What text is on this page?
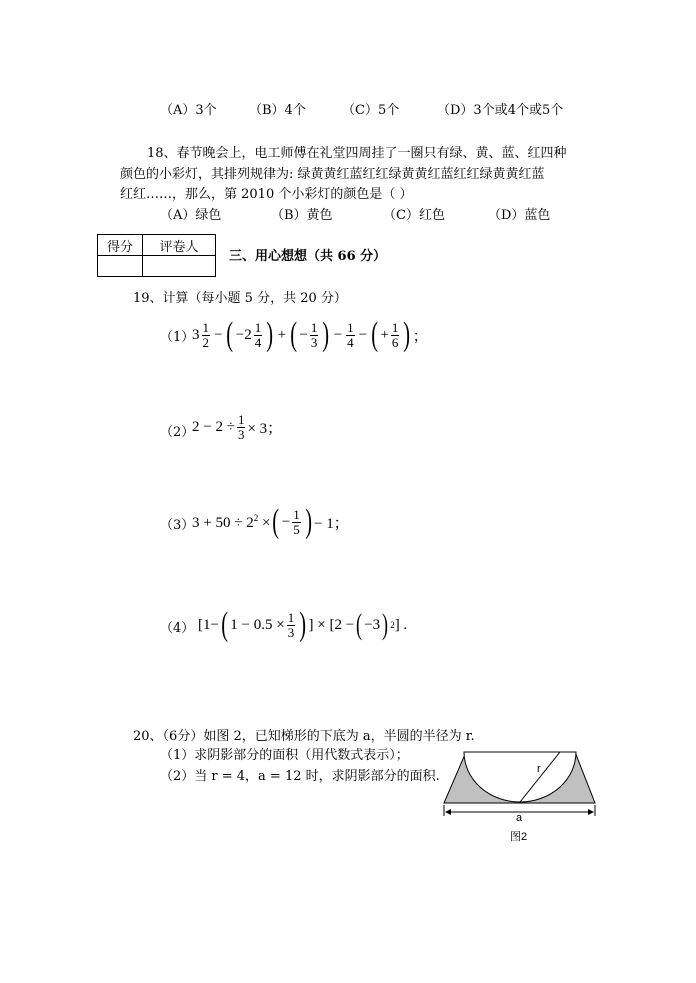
（A）3个 （B）4个	（C）5个	（D）3个或4个或5个
18、春节晚会上，电工师傅在礼堂四周挂了一圈只有绿、黄、蓝、红四种
颜色的小彩灯，其排列规律为: 绿黄黄红蓝红红绿黄黄红蓝红红绿黄黄红蓝
红红……，那么，第 2010 个小彩灯的颜色是（ ）
（A）绿色	（B）黄色	（C）红色	（D）蓝色
得分	评卷人

三、用心想想（共 66 分）
19、计算（每小题 5 分，共 20 分）
（1）
$3 \frac{1}{2}$ − ( $-2 \frac{1}{4}$ ) + ( − $\frac{1}{3}$ ) − $\frac{1}{4}$ − ( + $\frac{1}{6}$ ) ；
（2）
$2 - 2 \div \frac{1}{3} \times 3$；
（3）
$3 + 50 \div 2^2$ × ( − $\frac{1}{5}$ ) − 1；
（4） [1− ( $1 - 0.5 \times \frac{1}{3}$ ) ] × [2 − ( −3 ) 2 ] .
20、（6分）如图 2，已知梯形的下底为 a，半圆的半径为 r.
（1）求阴影部分的面积（用代数式表示）；
（2）当 r = 4，a = 12 时，求阴影部分的面积.	r
a
图2
